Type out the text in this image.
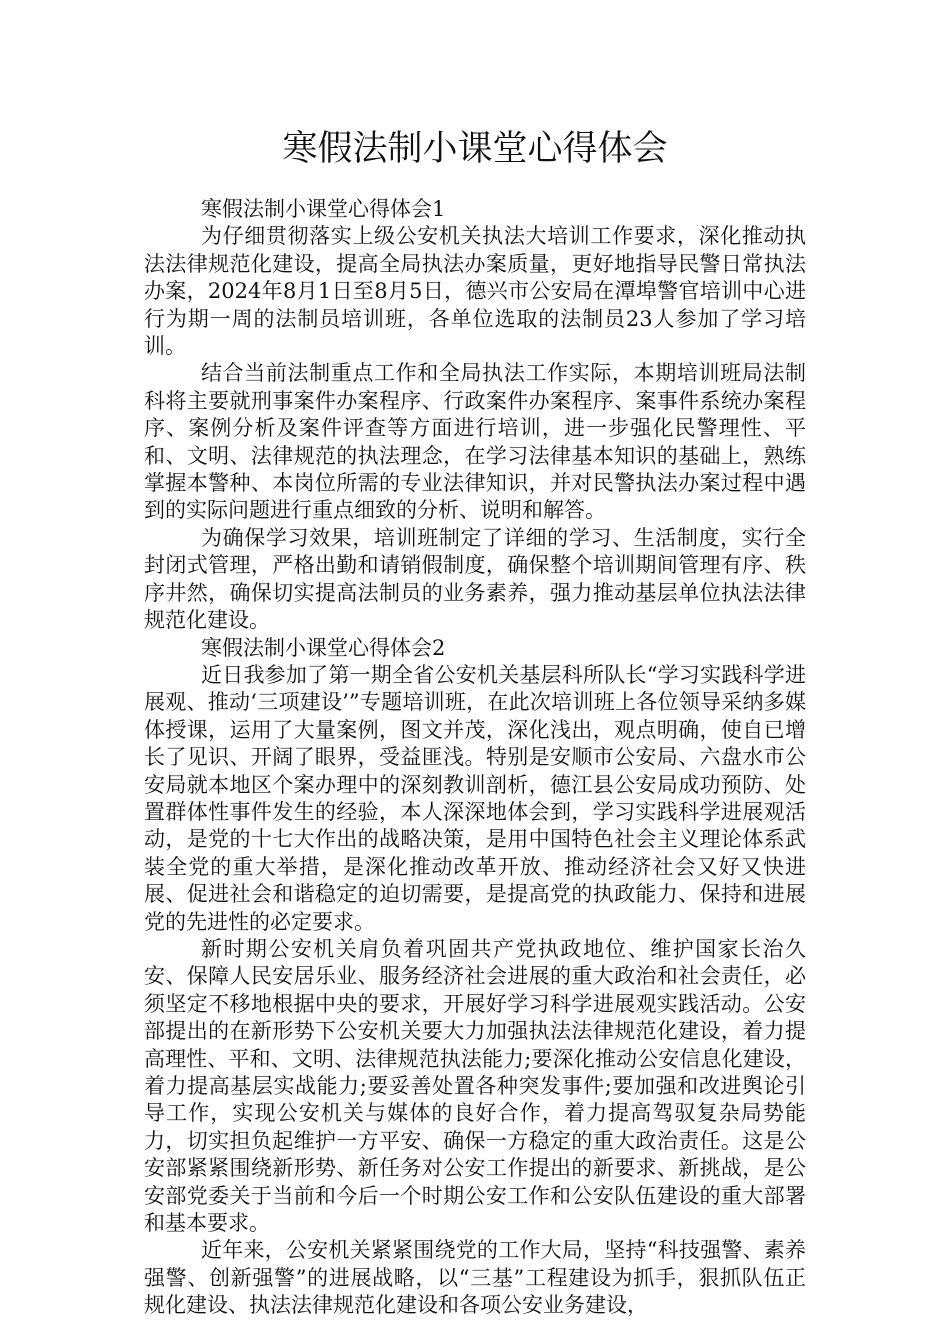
寒假法制小课堂心得体会

寒假法制小课堂心得体会1

为仔细贯彻落实上级公安机关执法大培训工作要求，深化推动执法法律规范化建设，提高全局执法办案质量，更好地指导民警日常执法办案，2024年8月1日至8月5日，德兴市公安局在潭埠警官培训中心进行为期一周的法制员培训班，各单位选取的法制员23人参加了学习培训。

结合当前法制重点工作和全局执法工作实际，本期培训班局法制科将主要就刑事案件办案程序、行政案件办案程序、案事件系统办案程序、案例分析及案件评查等方面进行培训，进一步强化民警理性、平和、文明、法律规范的执法理念，在学习法律基本知识的基础上，熟练掌握本警种、本岗位所需的专业法律知识，并对民警执法办案过程中遇到的实际问题进行重点细致的分析、说明和解答。

为确保学习效果，培训班制定了详细的学习、生活制度，实行全封闭式管理，严格出勤和请销假制度，确保整个培训期间管理有序、秩序井然，确保切实提高法制员的业务素养，强力推动基层单位执法法律规范化建设。

寒假法制小课堂心得体会2

近日我参加了第一期全省公安机关基层科所队长“学习实践科学进展观、推动‘三项建设’”专题培训班，在此次培训班上各位领导采纳多媒体授课，运用了大量案例，图文并茂，深化浅出，观点明确，使自已增长了见识、开阔了眼界，受益匪浅。特别是安顺市公安局、六盘水市公安局就本地区个案办理中的深刻教训剖析，德江县公安局成功预防、处置群体性事件发生的经验，本人深深地体会到，学习实践科学进展观活动，是党的十七大作出的战略决策，是用中国特色社会主义理论体系武装全党的重大举措，是深化推动改革开放、推动经济社会又好又快进展、促进社会和谐稳定的迫切需要，是提高党的执政能力、保持和进展党的先进性的必定要求。

新时期公安机关肩负着巩固共产党执政地位、维护国家长治久安、保障人民安居乐业、服务经济社会进展的重大政治和社会责任，必须坚定不移地根据中央的要求，开展好学习科学进展观实践活动。公安部提出的在新形势下公安机关要大力加强执法法律规范化建设，着力提高理性、平和、文明、法律规范执法能力;要深化推动公安信息化建设，着力提高基层实战能力;要妥善处置各种突发事件;要加强和改进舆论引导工作，实现公安机关与媒体的良好合作，着力提高驾驭复杂局势能力，切实担负起维护一方平安、确保一方稳定的重大政治责任。这是公安部紧紧围绕新形势、新任务对公安工作提出的新要求、新挑战，是公安部党委关于当前和今后一个时期公安工作和公安队伍建设的重大部署和基本要求。

近年来，公安机关紧紧围绕党的工作大局，坚持“科技强警、素养强警、创新强警”的进展战略，以“三基”工程建设为抓手，狠抓队伍正规化建设、执法法律规范化建设和各项公安业务建设，
